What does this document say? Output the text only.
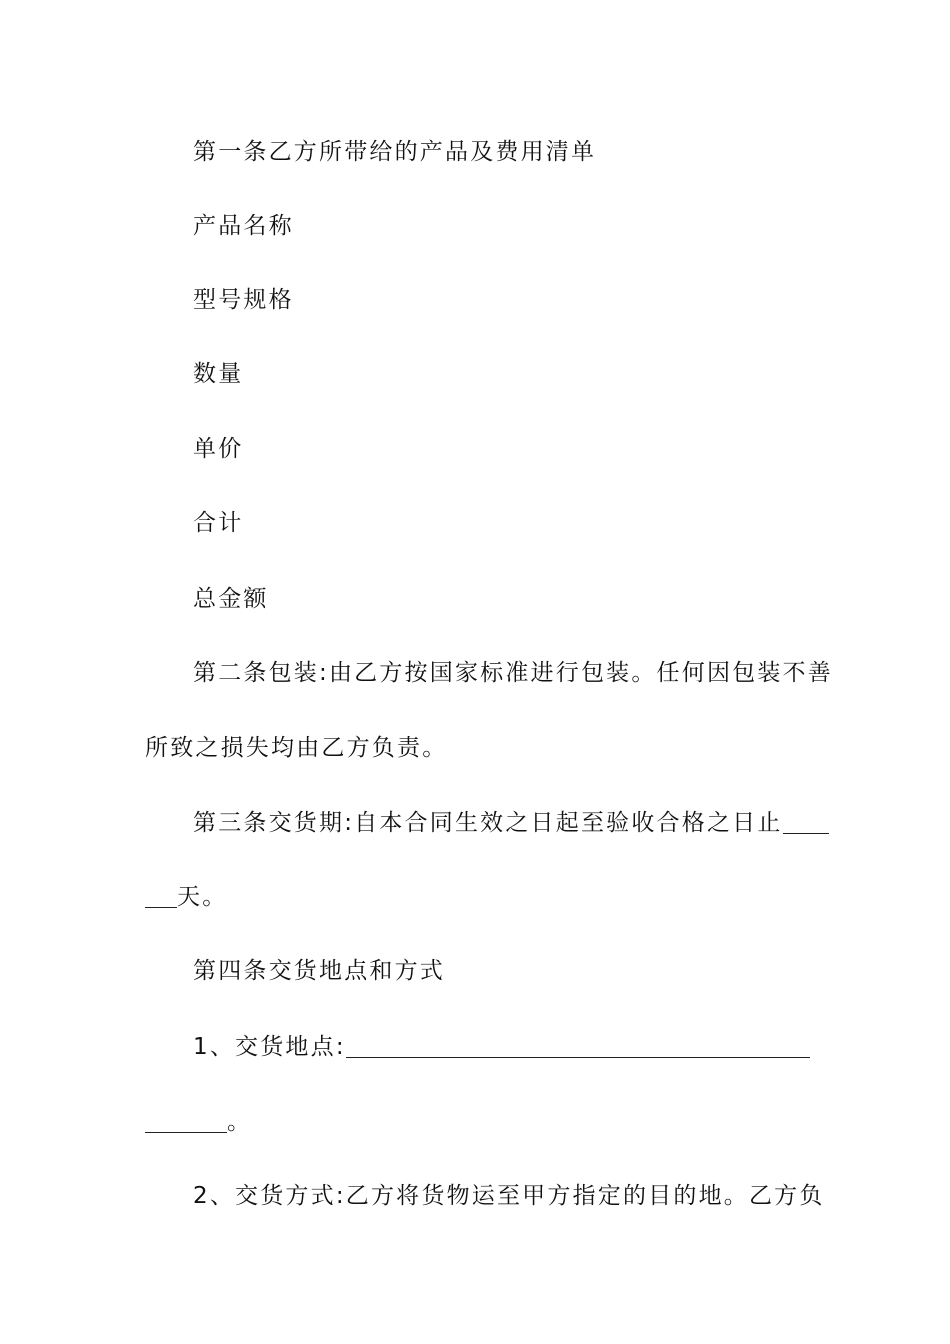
第一条乙方所带给的产品及费用清单
产品名称
型号规格
数量
单价
合计
总金额
第二条包装:由乙方按国家标准进行包装。任何因包装不善
所致之损失均由乙方负责。
第三条交货期:自本合同生效之日起至验收合格之日止
天。
第四条交货地点和方式
1、交货地点:
。
2、交货方式:乙方将货物运至甲方指定的目的地。乙方负
